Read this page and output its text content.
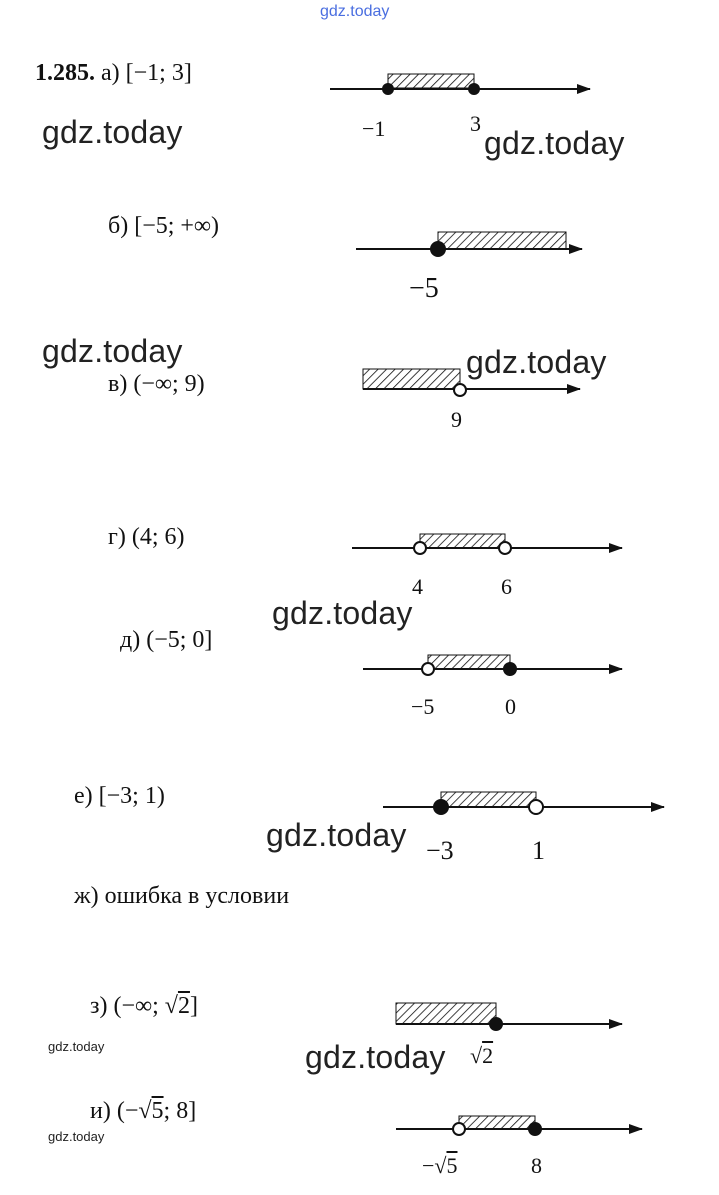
gdz.today
1.285. а) [−1; 3]
−1	3
gdz.today	gdz.today
б) [−5; +∞)
−5
gdz.today
в) (−∞; 9)
gdz.today
9
г) (4; 6)
4	6
gdz.today
д) (−5; 0]
−5	0
е) [−3; 1)
gdz.today −3	1
ж) ошибка в условии
з) (−∞; √2]
gdz.today	gdz.today √2
и) (−√5; 8]
gdz.today
−√5	8
